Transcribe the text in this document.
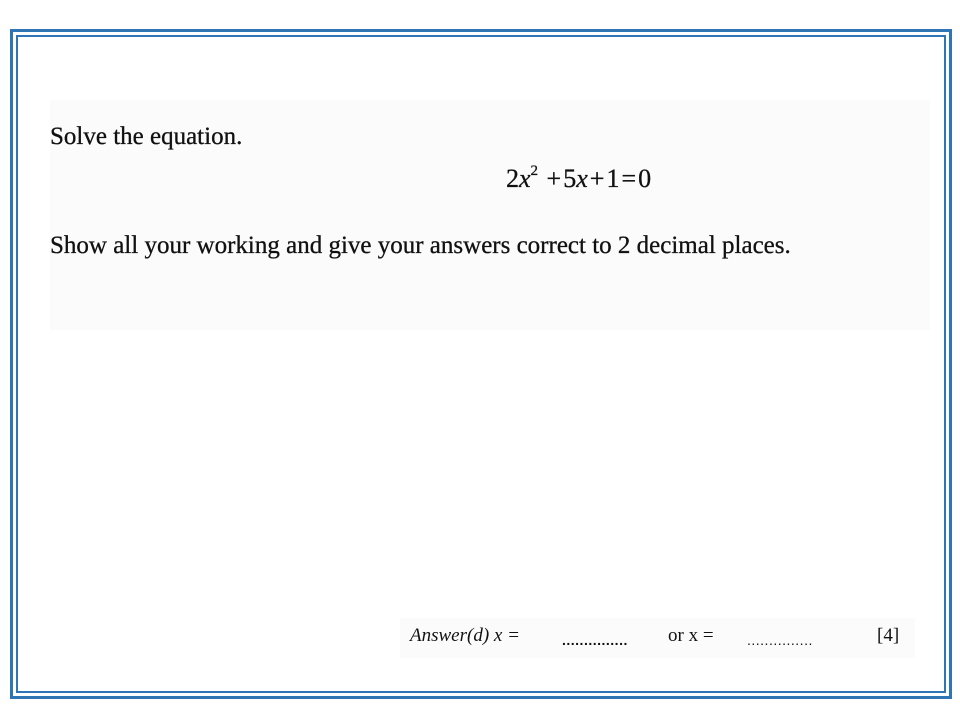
Solve the equation.
$2x^2 +5x+1=0$
Show all your working and give your answers correct to 2 decimal places.
Answer(d) x =	............... or x = ...............	[4]
